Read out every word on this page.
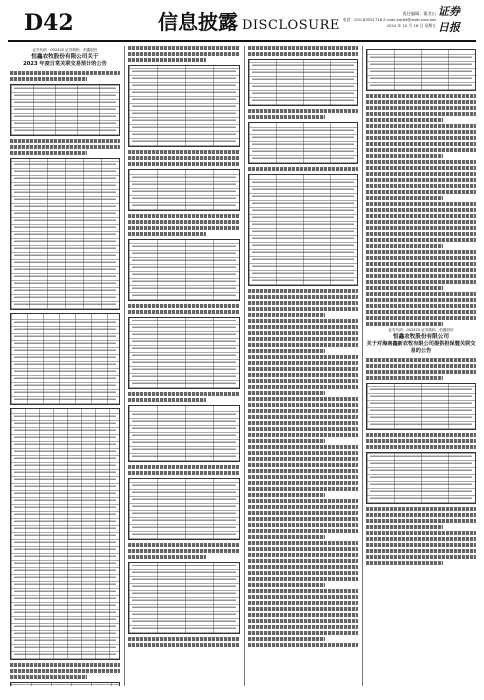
D42	信息披露 DISCLOSURE
责任编辑：董君山
电话：010-83251716 E-mail:zqrb9@zqrb.sina.net
2024 年 10 月 18 日 星期五
证券日报
证券代码：002420 证券简称：恒鑫股份
恒鑫农牧股份有限公司关于
2023 年度日常关联交易预计的公告
证券代码：002420 证券简称：恒鑫股份
恒鑫农牧股份有限公司
关于对海南鑫新农牧有限公司提供担保暨关联交易的公告
